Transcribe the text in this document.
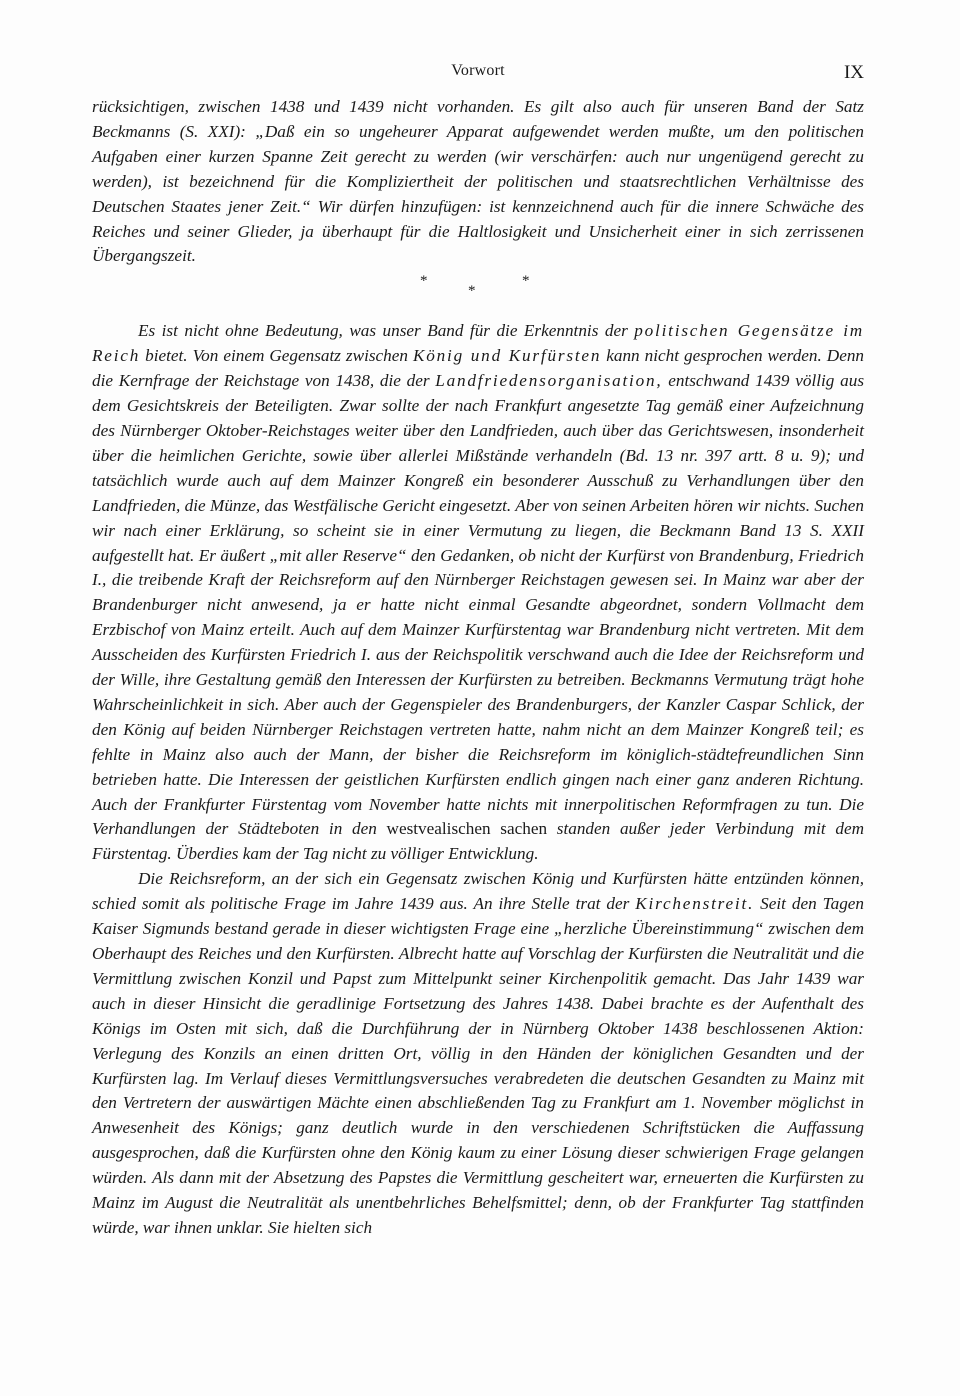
Vorwort	IX

rücksichtigen, zwischen 1438 und 1439 nicht vorhanden. Es gilt also auch für unseren Band der Satz Beckmanns (S. XXI): „Daß ein so ungeheurer Apparat aufgewendet werden mußte, um den politischen Aufgaben einer kurzen Spanne Zeit gerecht zu werden (wir verschärfen: auch nur ungenügend gerecht zu werden), ist bezeichnend für die Kompliziertheit der politischen und staatsrechtlichen Verhältnisse des Deutschen Staates jener Zeit.“ Wir dürfen hinzufügen: ist kennzeichnend auch für die innere Schwäche des Reiches und seiner Glieder, ja überhaupt für die Haltlosigkeit und Unsicherheit einer in sich zerrissenen Übergangszeit.

*
*
*

Es ist nicht ohne Bedeutung, was unser Band für die Erkenntnis der politischen Gegensätze im Reich bietet. Von einem Gegensatz zwischen König und Kurfürsten kann nicht gesprochen werden. Denn die Kernfrage der Reichstage von 1438, die der Landfriedensorganisation, entschwand 1439 völlig aus dem Gesichtskreis der Beteiligten. Zwar sollte der nach Frankfurt angesetzte Tag gemäß einer Aufzeichnung des Nürnberger Oktober-Reichstages weiter über den Landfrieden, auch über das Gerichtswesen, insonderheit über die heimlichen Gerichte, sowie über allerlei Mißstände verhandeln (Bd. 13 nr. 397 artt. 8 u. 9); und tatsächlich wurde auch auf dem Mainzer Kongreß ein besonderer Ausschuß zu Verhandlungen über den Landfrieden, die Münze, das Westfälische Gericht eingesetzt. Aber von seinen Arbeiten hören wir nichts. Suchen wir nach einer Erklärung, so scheint sie in einer Vermutung zu liegen, die Beckmann Band 13 S. XXII aufgestellt hat. Er äußert „mit aller Reserve“ den Gedanken, ob nicht der Kurfürst von Brandenburg, Friedrich I., die treibende Kraft der Reichsreform auf den Nürnberger Reichstagen gewesen sei. In Mainz war aber der Brandenburger nicht anwesend, ja er hatte nicht einmal Gesandte abgeordnet, sondern Vollmacht dem Erzbischof von Mainz erteilt. Auch auf dem Mainzer Kurfürstentag war Brandenburg nicht vertreten. Mit dem Ausscheiden des Kurfürsten Friedrich I. aus der Reichspolitik verschwand auch die Idee der Reichsreform und der Wille, ihre Gestaltung gemäß den Interessen der Kurfürsten zu betreiben. Beckmanns Vermutung trägt hohe Wahrscheinlichkeit in sich. Aber auch der Gegenspieler des Brandenburgers, der Kanzler Caspar Schlick, der den König auf beiden Nürnberger Reichstagen vertreten hatte, nahm nicht an dem Mainzer Kongreß teil; es fehlte in Mainz also auch der Mann, der bisher die Reichsreform im königlich-städtefreundlichen Sinn betrieben hatte. Die Interessen der geistlichen Kurfürsten endlich gingen nach einer ganz anderen Richtung. Auch der Frankfurter Fürstentag vom November hatte nichts mit innerpolitischen Reformfragen zu tun. Die Verhandlungen der Städteboten in den westvealischen sachen standen außer jeder Verbindung mit dem Fürstentag. Überdies kam der Tag nicht zu völliger Entwicklung.

Die Reichsreform, an der sich ein Gegensatz zwischen König und Kurfürsten hätte entzünden können, schied somit als politische Frage im Jahre 1439 aus. An ihre Stelle trat der Kirchenstreit. Seit den Tagen Kaiser Sigmunds bestand gerade in dieser wichtigsten Frage eine „herzliche Übereinstimmung“ zwischen dem Oberhaupt des Reiches und den Kurfürsten. Albrecht hatte auf Vorschlag der Kurfürsten die Neutralität und die Vermittlung zwischen Konzil und Papst zum Mittelpunkt seiner Kirchenpolitik gemacht. Das Jahr 1439 war auch in dieser Hinsicht die geradlinige Fortsetzung des Jahres 1438. Dabei brachte es der Aufenthalt des Königs im Osten mit sich, daß die Durchführung der in Nürnberg Oktober 1438 beschlossenen Aktion: Verlegung des Konzils an einen dritten Ort, völlig in den Händen der königlichen Gesandten und der Kurfürsten lag. Im Verlauf dieses Vermittlungsversuches verabredeten die deutschen Gesandten zu Mainz mit den Vertretern der auswärtigen Mächte einen abschließenden Tag zu Frankfurt am 1. November möglichst in Anwesenheit des Königs; ganz deutlich wurde in den verschiedenen Schriftstücken die Auffassung ausgesprochen, daß die Kurfürsten ohne den König kaum zu einer Lösung dieser schwierigen Frage gelangen würden. Als dann mit der Absetzung des Papstes die Vermittlung gescheitert war, erneuerten die Kurfürsten zu Mainz im August die Neutralität als unentbehrliches Behelfsmittel; denn, ob der Frankfurter Tag stattfinden würde, war ihnen unklar. Sie hielten sich
